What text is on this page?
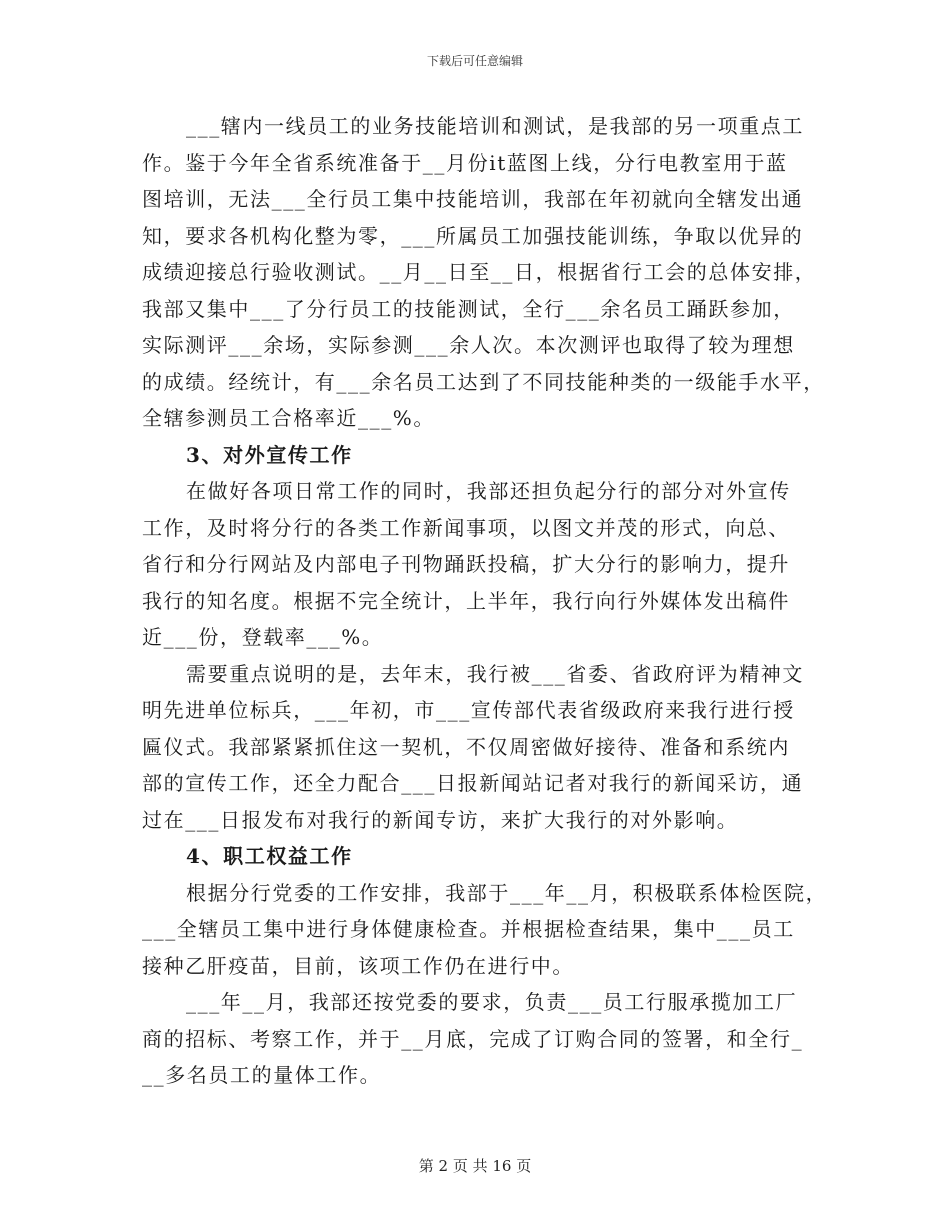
下载后可任意编辑
___辖内一线员工的业务技能培训和测试，是我部的另一项重点工
作。鉴于今年全省系统准备于__月份it蓝图上线，分行电教室用于蓝
图培训，无法___全行员工集中技能培训，我部在年初就向全辖发出通
知，要求各机构化整为零，___所属员工加强技能训练，争取以优异的
成绩迎接总行验收测试。__月__日至__日，根据省行工会的总体安排，
我部又集中___了分行员工的技能测试，全行___余名员工踊跃参加，
实际测评___余场，实际参测___余人次。本次测评也取得了较为理想
的成绩。经统计，有___余名员工达到了不同技能种类的一级能手水平，
全辖参测员工合格率近___%。
3、对外宣传工作
在做好各项日常工作的同时，我部还担负起分行的部分对外宣传
工作，及时将分行的各类工作新闻事项，以图文并茂的形式，向总、
省行和分行网站及内部电子刊物踊跃投稿，扩大分行的影响力，提升
我行的知名度。根据不完全统计，上半年，我行向行外媒体发出稿件
近___份，登载率___%。
需要重点说明的是，去年末，我行被___省委、省政府评为精神文
明先进单位标兵，___年初，市___宣传部代表省级政府来我行进行授
匾仪式。我部紧紧抓住这一契机，不仅周密做好接待、准备和系统内
部的宣传工作，还全力配合___日报新闻站记者对我行的新闻采访，通
过在___日报发布对我行的新闻专访，来扩大我行的对外影响。
4、职工权益工作
根据分行党委的工作安排，我部于___年__月，积极联系体检医院，
___全辖员工集中进行身体健康检查。并根据检查结果，集中___员工
接种乙肝疫苗，目前，该项工作仍在进行中。
___年__月，我部还按党委的要求，负责___员工行服承揽加工厂
商的招标、考察工作，并于__月底，完成了订购合同的签署，和全行_
__多名员工的量体工作。
第 2 页 共 16 页
